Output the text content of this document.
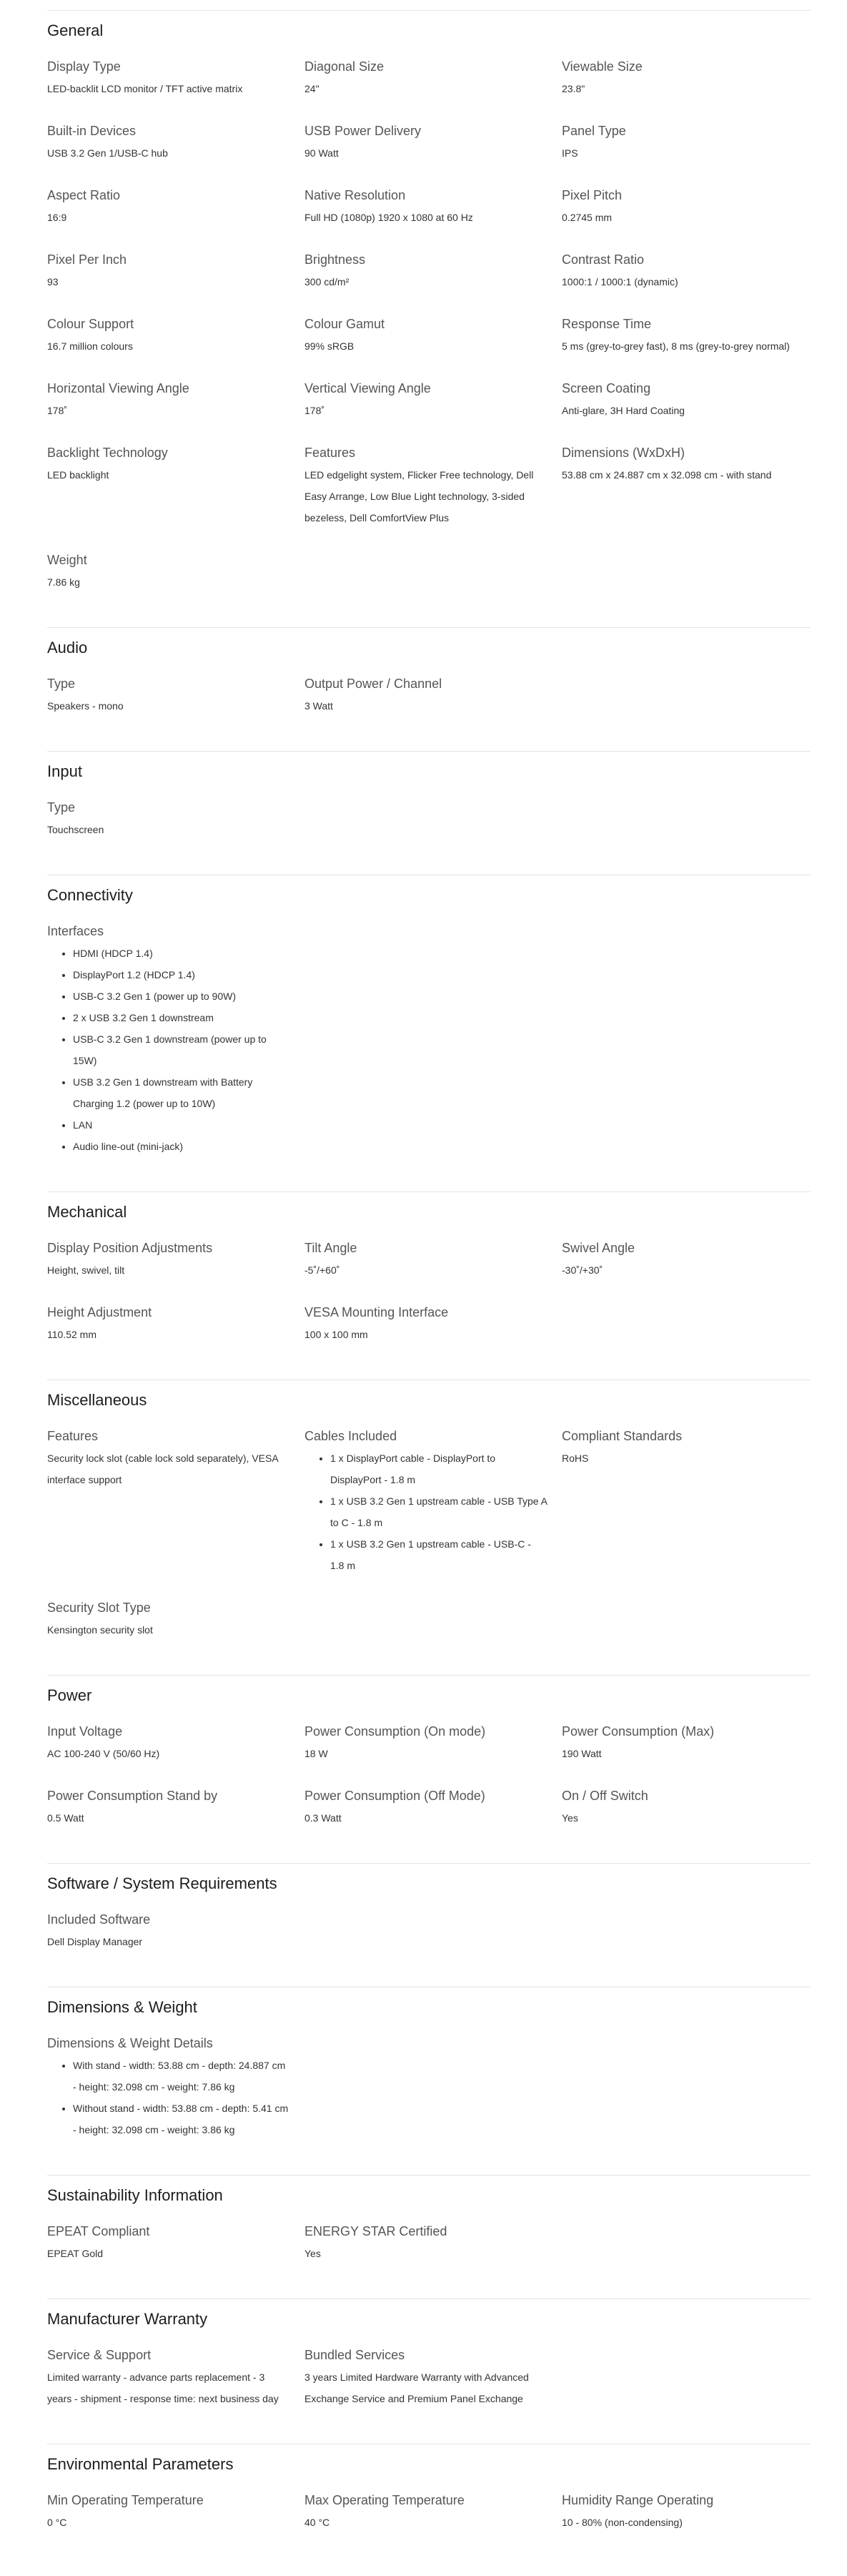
General
Display Type
LED-backlit LCD monitor / TFT active matrix
Diagonal Size
24"
Viewable Size
23.8"
Built-in Devices
USB 3.2 Gen 1/USB-C hub
USB Power Delivery
90 Watt
Panel Type
IPS
Aspect Ratio
16:9
Native Resolution
Full HD (1080p) 1920 x 1080 at 60 Hz
Pixel Pitch
0.2745 mm
Pixel Per Inch
93
Brightness
300 cd/m²
Contrast Ratio
1000:1 / 1000:1 (dynamic)
Colour Support
16.7 million colours
Colour Gamut
99% sRGB
Response Time
5 ms (grey-to-grey fast), 8 ms (grey-to-grey normal)
Horizontal Viewing Angle
178˚
Vertical Viewing Angle
178˚
Screen Coating
Anti-glare, 3H Hard Coating
Backlight Technology
LED backlight
Features
LED edgelight system, Flicker Free technology, Dell Easy Arrange, Low Blue Light technology, 3-sided bezeless, Dell ComfortView Plus
Dimensions (WxDxH)
53.88 cm x 24.887 cm x 32.098 cm - with stand
Weight
7.86 kg
Audio
Type
Speakers - mono
Output Power / Channel
3 Watt
Input
Type
Touchscreen
Connectivity
Interfaces
• HDMI (HDCP 1.4)
• DisplayPort 1.2 (HDCP 1.4)
• USB-C 3.2 Gen 1 (power up to 90W)
• 2 x USB 3.2 Gen 1 downstream
• USB-C 3.2 Gen 1 downstream (power up to 15W)
• USB 3.2 Gen 1 downstream with Battery Charging 1.2 (power up to 10W)
• LAN
• Audio line-out (mini-jack)
Mechanical
Display Position Adjustments
Height, swivel, tilt
Tilt Angle
-5˚/+60˚
Swivel Angle
-30˚/+30˚
Height Adjustment
110.52 mm
VESA Mounting Interface
100 x 100 mm
Miscellaneous
Features
Security lock slot (cable lock sold separately), VESA interface support
Cables Included
• 1 x DisplayPort cable - DisplayPort to DisplayPort - 1.8 m
• 1 x USB 3.2 Gen 1 upstream cable - USB Type A to C - 1.8 m
• 1 x USB 3.2 Gen 1 upstream cable - USB-C - 1.8 m
Compliant Standards
RoHS
Security Slot Type
Kensington security slot
Power
Input Voltage
AC 100-240 V (50/60 Hz)
Power Consumption (On mode)
18 W
Power Consumption (Max)
190 Watt
Power Consumption Stand by
0.5 Watt
Power Consumption (Off Mode)
0.3 Watt
On / Off Switch
Yes
Software / System Requirements
Included Software
Dell Display Manager
Dimensions & Weight
Dimensions & Weight Details
• With stand - width: 53.88 cm - depth: 24.887 cm - height: 32.098 cm - weight: 7.86 kg
• Without stand - width: 53.88 cm - depth: 5.41 cm - height: 32.098 cm - weight: 3.86 kg
Sustainability Information
EPEAT Compliant
EPEAT Gold
ENERGY STAR Certified
Yes
Manufacturer Warranty
Service & Support
Limited warranty - advance parts replacement - 3 years - shipment - response time: next business day
Bundled Services
3 years Limited Hardware Warranty with Advanced Exchange Service and Premium Panel Exchange
Environmental Parameters
Min Operating Temperature
0 °C
Max Operating Temperature
40 °C
Humidity Range Operating
10 - 80% (non-condensing)
